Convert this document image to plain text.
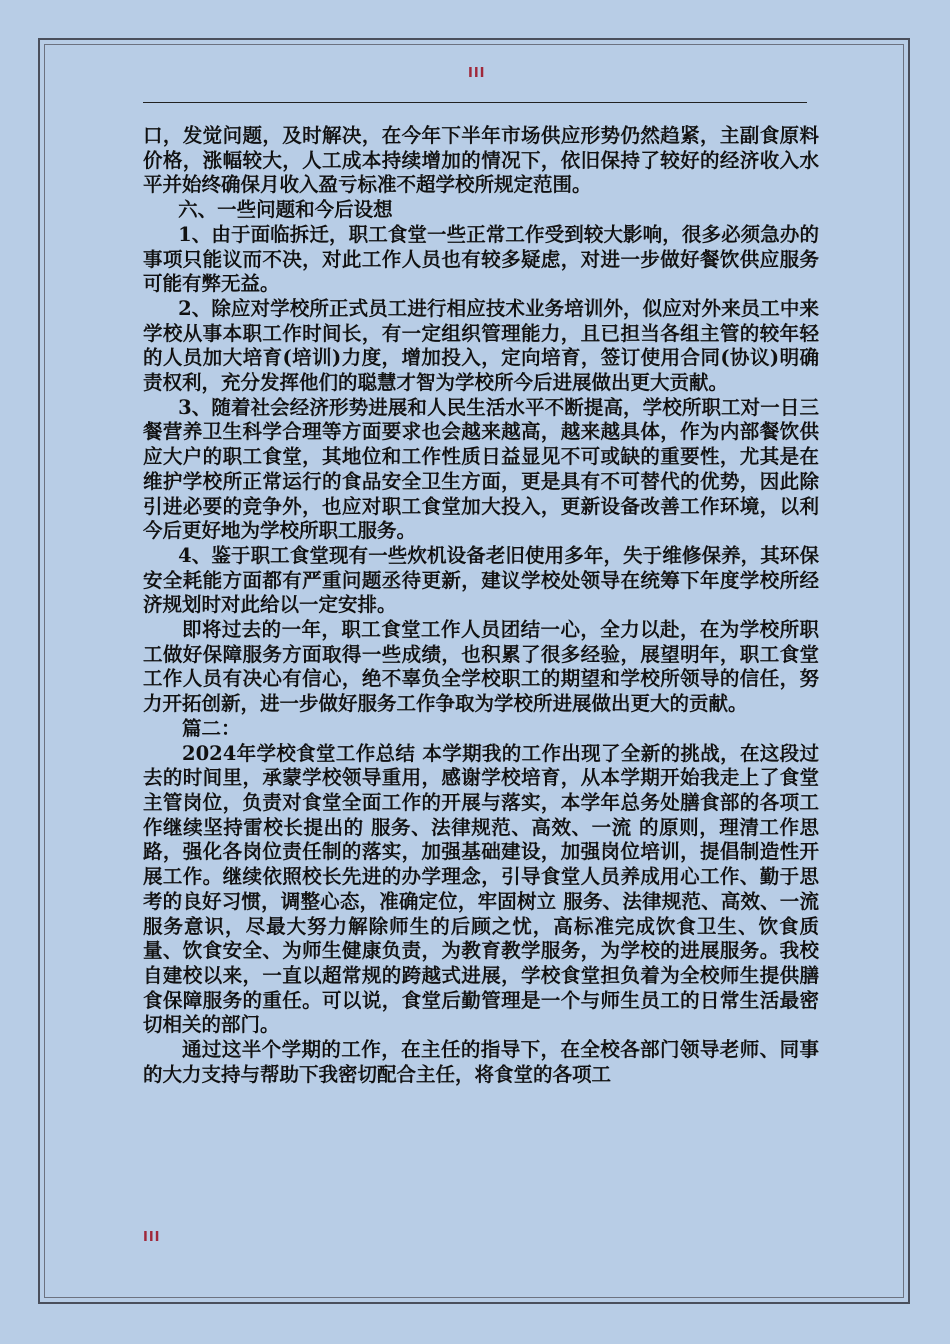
III

口，发觉问题，及时解决，在今年下半年市场供应形势仍然趋紧，主副食原料价格，涨幅较大，人工成本持续增加的情况下，依旧保持了较好的经济收入水平并始终确保月收入盈亏标准不超学校所规定范围。

六、一些问题和今后设想

1、由于面临拆迁，职工食堂一些正常工作受到较大影响，很多必须急办的事项只能议而不决，对此工作人员也有较多疑虑，对进一步做好餐饮供应服务可能有弊无益。

2、除应对学校所正式员工进行相应技术业务培训外，似应对外来员工中来学校从事本职工作时间长，有一定组织管理能力，且已担当各组主管的较年轻的人员加大培育(培训)力度，增加投入，定向培育，签订使用合同(协议)明确责权利，充分发挥他们的聪慧才智为学校所今后进展做出更大贡献。

3、随着社会经济形势进展和人民生活水平不断提高，学校所职工对一日三餐营养卫生科学合理等方面要求也会越来越高，越来越具体，作为内部餐饮供应大户的职工食堂，其地位和工作性质日益显见不可或缺的重要性，尤其是在维护学校所正常运行的食品安全卫生方面，更是具有不可替代的优势，因此除引进必要的竞争外，也应对职工食堂加大投入，更新设备改善工作环境，以利今后更好地为学校所职工服务。

4、鉴于职工食堂现有一些炊机设备老旧使用多年，失于维修保养，其环保安全耗能方面都有严重问题丞待更新，建议学校处领导在统筹下年度学校所经济规划时对此给以一定安排。

即将过去的一年，职工食堂工作人员团结一心，全力以赴，在为学校所职工做好保障服务方面取得一些成绩，也积累了很多经验，展望明年，职工食堂工作人员有决心有信心，绝不辜负全学校职工的期望和学校所领导的信任，努力开拓创新，进一步做好服务工作争取为学校所进展做出更大的贡献。

篇二：

2024年学校食堂工作总结 本学期我的工作出现了全新的挑战，在这段过去的时间里，承蒙学校领导重用，感谢学校培育，从本学期开始我走上了食堂主管岗位，负责对食堂全面工作的开展与落实，本学年总务处膳食部的各项工作继续坚持雷校长提出的 服务、法律规范、高效、一流 的原则，理清工作思路，强化各岗位责任制的落实，加强基础建设，加强岗位培训，提倡制造性开展工作。继续依照校长先进的办学理念，引导食堂人员养成用心工作、勤于思考的良好习惯，调整心态，准确定位，牢固树立 服务、法律规范、高效、一流 服务意识，尽最大努力解除师生的后顾之忧，高标准完成饮食卫生、饮食质量、饮食安全、为师生健康负责，为教育教学服务，为学校的进展服务。我校自建校以来，一直以超常规的跨越式进展，学校食堂担负着为全校师生提供膳食保障服务的重任。可以说，食堂后勤管理是一个与师生员工的日常生活最密切相关的部门。

通过这半个学期的工作，在主任的指导下，在全校各部门领导老师、同事的大力支持与帮助下我密切配合主任，将食堂的各项工

III
